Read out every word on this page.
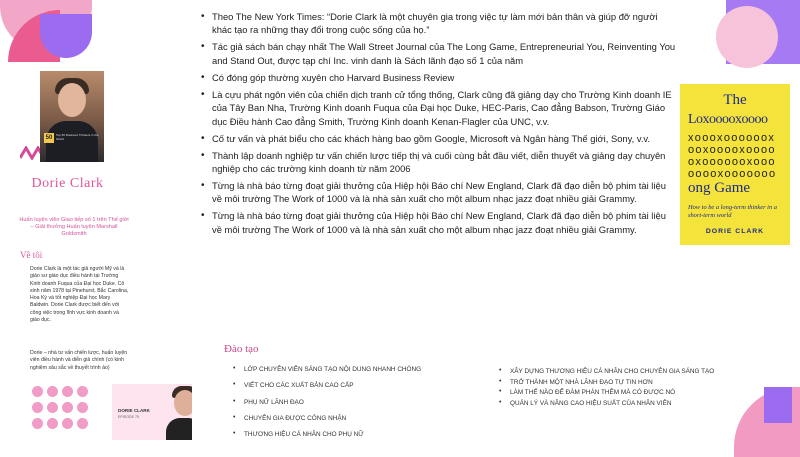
50	Top 50 Business Thinkers in the World
Dorie Clark
Huấn luyện viên Giao tiếp số 1 trên Thế giới – Giải thưởng Huấn luyện Marshall Goldsmith
Về tôi

Dorie Clark là một tác giả người Mỹ và là giáo sư giáo dục điều hành tại Trường Kinh doanh Fuqua của Đại học Duke. Cô sinh năm 1978 tại Pinehurst, Bắc Carolina, Hoa Kỳ và tốt nghiệp Đại học Mary Baldwin. Dorie Clark được biết đến với công việc trong lĩnh vực kinh doanh và giáo dục.

Dorie – nhà tư vấn chiến lược, huấn luyện viên điều hành và diễn giả chính (có kinh nghiệm sâu sắc về thuyết trình ảo)

DORIE CLARK
EPISODE 75
• Theo The New York Times: “Dorie Clark là một chuyên gia trong việc tự làm mới bản thân và giúp đỡ người khác tạo ra những thay đổi trong cuộc sống của họ.”
• Tác giả sách bán chạy nhất The Wall Street Journal của The Long Game, Entrepreneurial You, Reinventing You and Stand Out, được tạp chí Inc. vinh danh là Sách lãnh đạo số 1 của năm
• Có đóng góp thường xuyên cho Harvard Business Review
• Là cựu phát ngôn viên của chiến dịch tranh cử tổng thống, Clark cũng đã giảng dạy cho Trường Kinh doanh IE của Tây Ban Nha, Trường Kinh doanh Fuqua của Đại học Duke, HEC-Paris, Cao đẳng Babson, Trường Giáo dục Điều hành Cao đẳng Smith, Trường Kinh doanh Kenan-Flagler của UNC, v.v.
• Cố tư vấn và phát biểu cho các khách hàng bao gồm Google, Microsoft và Ngân hàng Thế giới, Sony, v.v.
• Thành lập doanh nghiệp tư vấn chiến lược tiếp thị và cuối cùng bắt đầu viết, diễn thuyết và giảng dạy chuyên nghiệp cho các trường kinh doanh từ năm 2006
• Từng là nhà báo từng đoạt giải thưởng của Hiệp hội Báo chí New England, Clark đã đạo diễn bộ phim tài liệu về môi trường The Work of 1000 và là nhà sản xuất cho một album nhạc jazz đoạt nhiều giải Grammy.
• Từng là nhà báo từng đoạt giải thưởng của Hiệp hội Báo chí New England, Clark đã đạo diễn bộ phim tài liệu về môi trường The Work of 1000 và là nhà sản xuất cho một album nhạc jazz đoạt nhiều giải Grammy.
Đào tạo
• LỚP CHUYÊN VIÊN SÁNG TẠO NỘI DUNG NHANH CHÓNG
• VIẾT CHO CÁC XUẤT BẢN CAO CẤP
• PHỤ NỮ LÃNH ĐẠO
• CHUYÊN GIA ĐƯỢC CÔNG NHẬN
• THƯƠNG HIỆU CÁ NHÂN CHO PHỤ NỮ
• XÂY DỰNG THƯƠNG HIỆU CÁ NHÂN CHO CHUYÊN GIA SÁNG TẠO
• TRỞ THÀNH MỘT NHÀ LÃNH ĐẠO TỰ TIN HƠN
• LÀM THẾ NÀO ĐỂ ĐÀM PHÁN THÊM MÀ CÓ ĐƯỢC NÓ
• QUẢN LÝ VÀ NÂNG CAO HIỆU SUẤT CỦA NHÂN VIÊN
The
Loxooooxoooo
xoooxoooooox
ooxooooxoooo
oxooooooxooo
ooooxooooooo
ong Game
How to be a long-term thinker in a short-term world
DORIE CLARK
